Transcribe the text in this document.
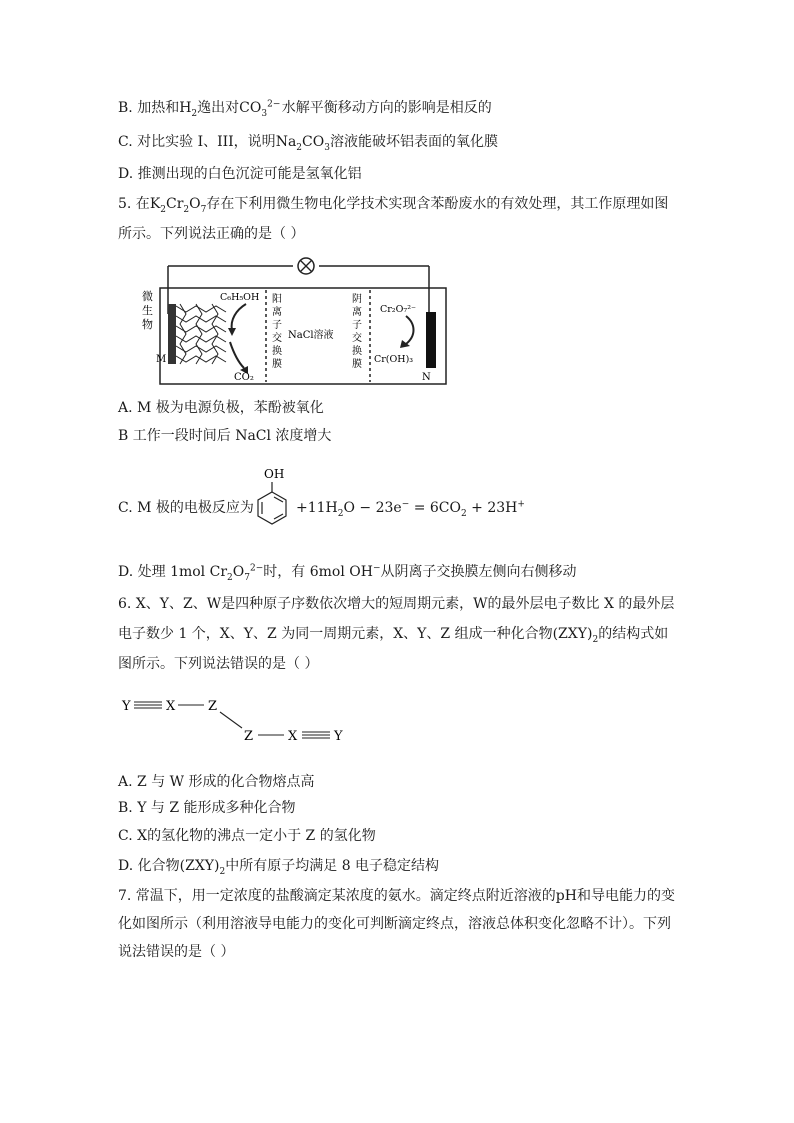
B. 加热和$H_2$逸出对$CO_3^{2-}$ 水解平衡移动方向的影响是相反的
C. 对比实验 I、III，说明$Na_2CO_3$溶液能破坏铝表面的氧化膜
D. 推测出现的白色沉淀可能是氢氧化铝
5. 在$K_2Cr_2O_7$存在下利用微生物电化学技术实现含苯酚废水的有效处理，其工作原理如图
所示。下列说法正确的是（ ）
微
生
物
M
C₆H₅OH
CO₂
阳
离
子
交
换
膜
NaCl溶液
阴
离
子
交
换
膜
Cr₂O₇²⁻
Cr(OH)₃
N
A. M 极为电源负极，苯酚被氧化
B 工作一段时间后 NaCl 浓度增大
C. M 极的电极反应为
OH
$+11H_2O - 23e^- = 6CO_2 + 23H^+$
D. 处理 1mol $Cr_2O_7^{2-}$时，有 6mol OH−从阴离子交换膜左侧向右侧移动
6. X、Y、Z、W是四种原子序数依次增大的短周期元素，W的最外层电子数比 X 的最外层
电子数少 1 个，X、Y、Z 为同一周期元素，X、Y、Z 组成一种化合物$(ZXY)_2$的结构式如
图所示。下列说法错误的是（ ）
Y	X	Z
Z	X	Y
A. Z 与 W 形成的化合物熔点高
B. Y 与 Z 能形成多种化合物
C. X的氢化物的沸点一定小于 Z 的氢化物
D. 化合物$(ZXY)_2$中所有原子均满足 8 电子稳定结构
7. 常温下，用一定浓度的盐酸滴定某浓度的氨水。滴定终点附近溶液的pH和导电能力的变
化如图所示（利用溶液导电能力的变化可判断滴定终点，溶液总体积变化忽略不计）。下列
说法错误的是（ ）
